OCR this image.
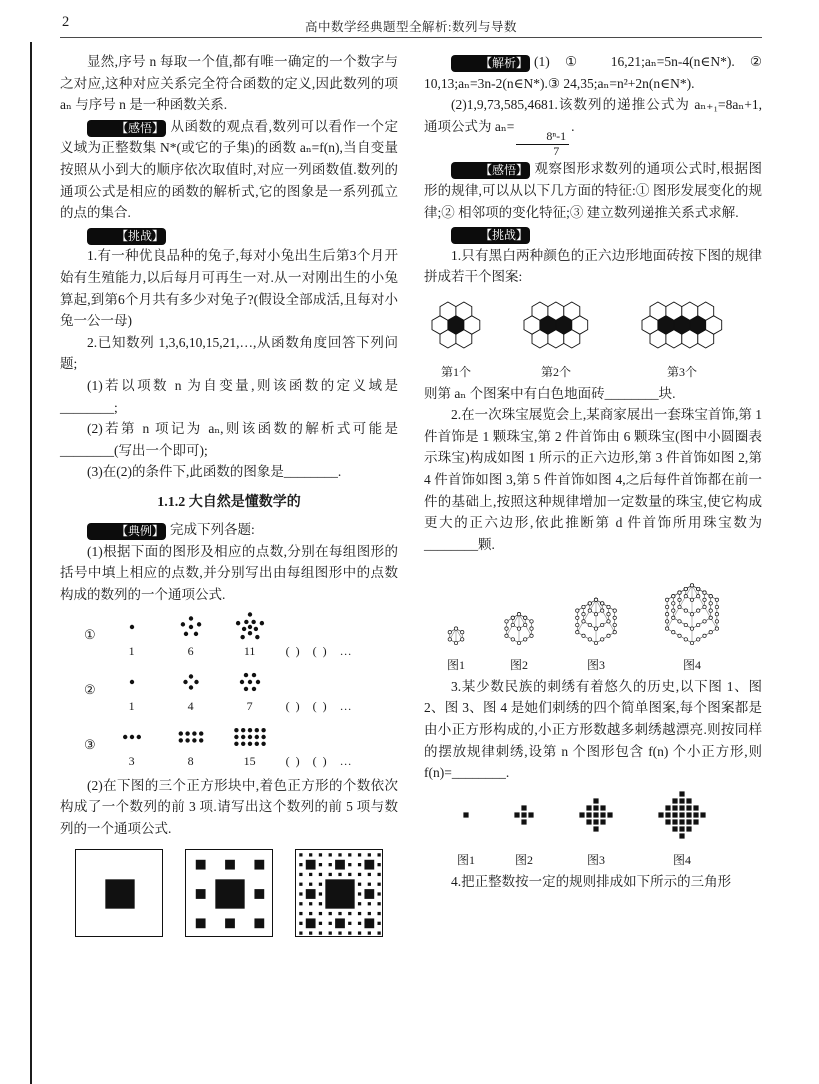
2	高中数学经典题型全解析:数列与导数

显然,序号 n 每取一个值,都有唯一确定的一个数字与之对应,这种对应关系完全符合函数的定义,因此数列的项 aₙ 与序号 n 是一种函数关系.

【感悟】 从函数的观点看,数列可以看作一个定义域为正整数集 N*(或它的子集)的函数 aₙ=f(n),当自变量按照从小到大的顺序依次取值时,对应一列函数值.数列的通项公式是相应的函数的解析式,它的图象是一系列孤立的点的集合.

【挑战】

1.有一种优良品种的兔子,每对小兔出生后第3个月开始有生殖能力,以后每月可再生一对.从一对刚出生的小兔算起,到第6个月共有多少对兔子?(假设全部成活,且每对小兔一公一母)

2.已知数列 1,3,6,10,15,21,…,从函数角度回答下列问题;

(1)若以项数 n 为自变量,则该函数的定义域是________;

(2)若第 n 项记为 aₙ,则该函数的解析式可能是________(写出一个即可);

(3)在(2)的条件下,此函数的图象是________.

1.1.2 大自然是懂数学的

【典例】 完成下列各题:

(1)根据下面的图形及相应的点数,分别在每组图形的括号中填上相应的点数,并分别写出由每组图形中的点数构成的数列的一个通项公式.

①
1	6	11	(  ) (  ) …
②
1	4	7	(  ) (  ) …
③
3	8	15	(  ) (  ) …

(2)在下图的三个正方形块中,着色正方形的个数依次构成了一个数列的前 3 项.请写出这个数列的前 5 项与数列的一个通项公式.

【解析】 (1)① 16,21;aₙ=5n-4(n∈N*).② 10,13;aₙ=3n-2(n∈N*).③ 24,35;aₙ=n²+2n(n∈N*).

(2)1,9,73,585,4681.该数列的递推公式为 aₙ₊₁=8aₙ+1,通项公式为 aₙ=
$\frac{\text{8ⁿ-1}}{7}$
.

【感悟】 观察图形求数列的通项公式时,根据图形的规律,可以从以下几方面的特征:① 图形发展变化的规律;② 相邻项的变化特征;③ 建立数列递推关系式求解.

【挑战】

1.只有黑白两种颜色的正六边形地面砖按下图的规律拼成若干个图案:

第1个	第2个	第3个

则第 aₙ 个图案中有白色地面砖________块.

2.在一次珠宝展览会上,某商家展出一套珠宝首饰,第 1 件首饰是 1 颗珠宝,第 2 件首饰由 6 颗珠宝(图中小圆圈表示珠宝)构成如图 1 所示的正六边形,第 3 件首饰如图 2,第 4 件首饰如图 3,第 5 件首饰如图 4,之后每件首饰都在前一件的基础上,按照这种规律增加一定数量的珠宝,使它构成更大的正六边形,依此推断第 d 件首饰所用珠宝数为________颗.

图1	图2	图3	图4

3.某少数民族的刺绣有着悠久的历史,以下图 1、图 2、图 3、图 4 是她们刺绣的四个简单图案,每个图案都是由小正方形构成的,小正方形数越多刺绣越漂亮.则按同样的摆放规律刺绣,设第 n 个图形包含 f(n) 个小正方形,则 f(n)=________.

图1	图2	图3	图4

4.把正整数按一定的规则排成如下所示的三角形
